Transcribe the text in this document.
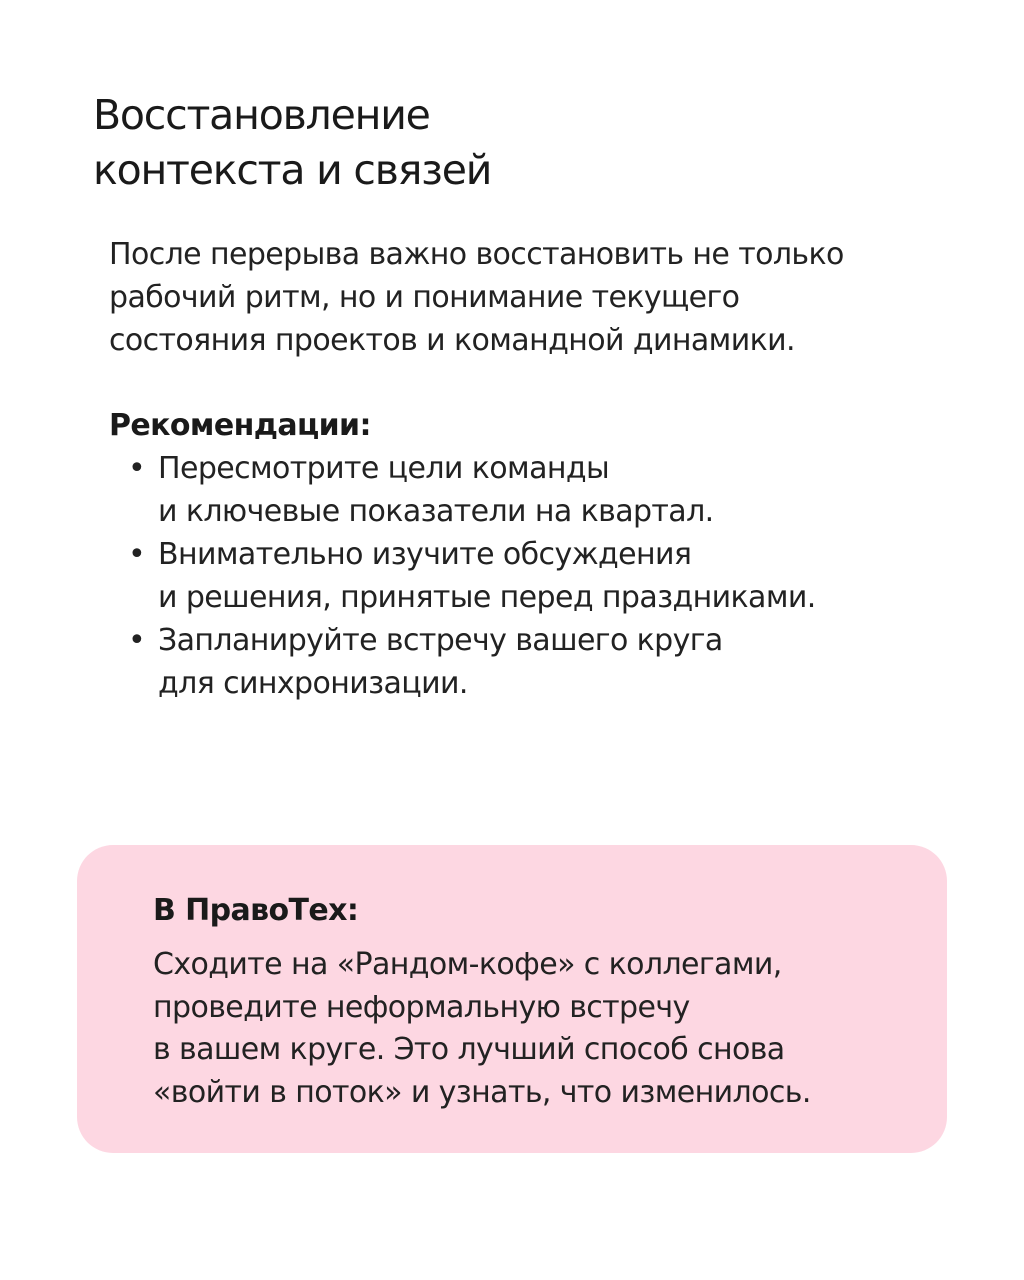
Восстановление
контекста и связей

После перерыва важно восстановить не только
рабочий ритм, но и понимание текущего
состояния проектов и командной динамики.

Рекомендации:
• Пересмотрите цели команды
и ключевые показатели на квартал.
• Внимательно изучите обсуждения
и решения, принятые перед праздниками.
• Запланируйте встречу вашего круга
для синхронизации.
В ПравоТех:

Сходите на «Рандом-кофе» с коллегами,
проведите неформальную встречу
в вашем круге. Это лучший способ снова
«войти в поток» и узнать, что изменилось.
